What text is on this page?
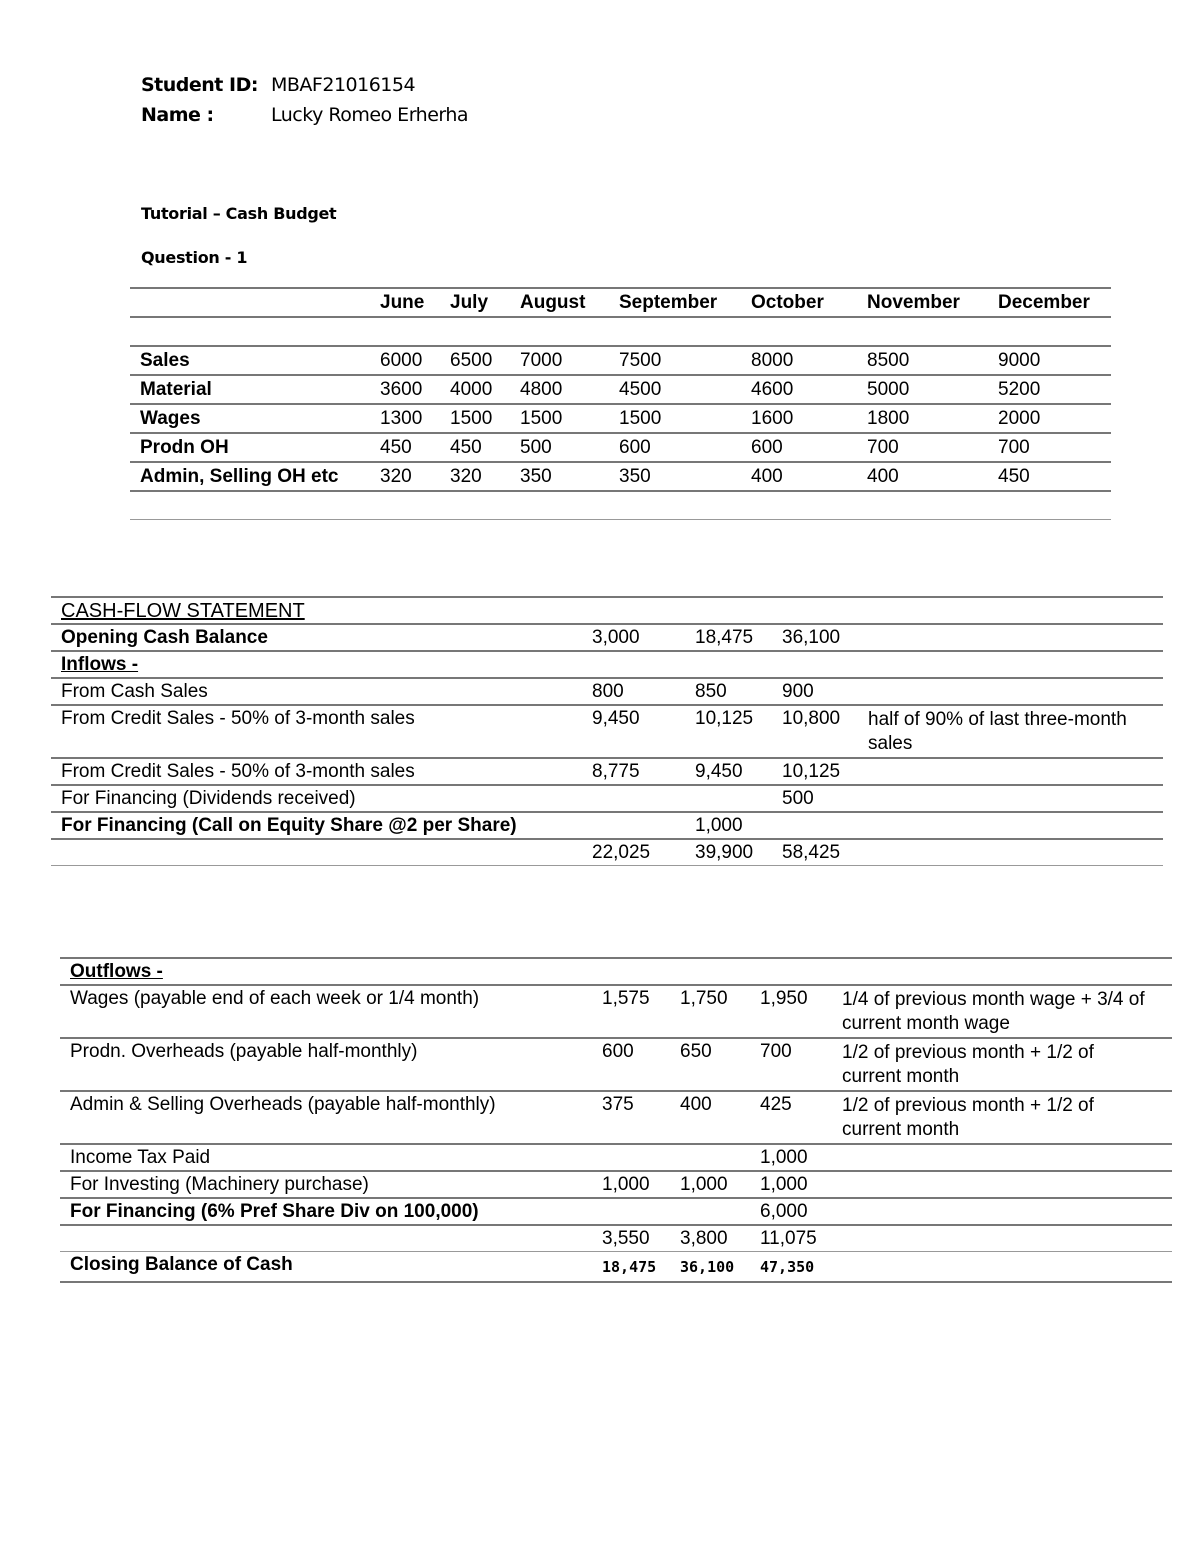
Student ID: MBAF21016154
Name :	Lucky Romeo Erherha
Tutorial – Cash Budget
Question - 1
	June	July	August	September	October	November	December

Sales	6000	6500	7000	7500	8000	8500	9000
Material	3600	4000	4800	4500	4600	5000	5200
Wages	1300	1500	1500	1500	1600	1800	2000
Prodn OH	450	450	500	600	600	700	700
Admin, Selling OH etc	320	320	350	350	400	400	450

CASH-FLOW STATEMENT				
Opening Cash Balance	3,000	18,475	36,100	
Inflows -				
From Cash Sales	800	850	900	
From Credit Sales - 50% of 3-month sales	9,450	10,125	10,800	half of 90% of last three-month sales
From Credit Sales - 50% of 3-month sales	8,775	9,450	10,125	
For Financing (Dividends received)			500	
For Financing (Call on Equity Share @2 per Share)		1,000		
	22,025	39,900	58,425	
Outflows -				
Wages (payable end of each week or 1/4 month)	1,575	1,750	1,950	1/4 of previous month wage + 3/4 of current month wage
Prodn. Overheads (payable half-monthly)	600	650	700	1/2 of previous month + 1/2 of current month
Admin & Selling Overheads (payable half-monthly)	375	400	425	1/2 of previous month + 1/2 of current month
Income Tax Paid			1,000	
For Investing (Machinery purchase)	1,000	1,000	1,000	
For Financing (6% Pref Share Div on 100,000)			6,000	
	3,550	3,800	11,075	
Closing Balance of Cash	18,475	36,100	47,350	
